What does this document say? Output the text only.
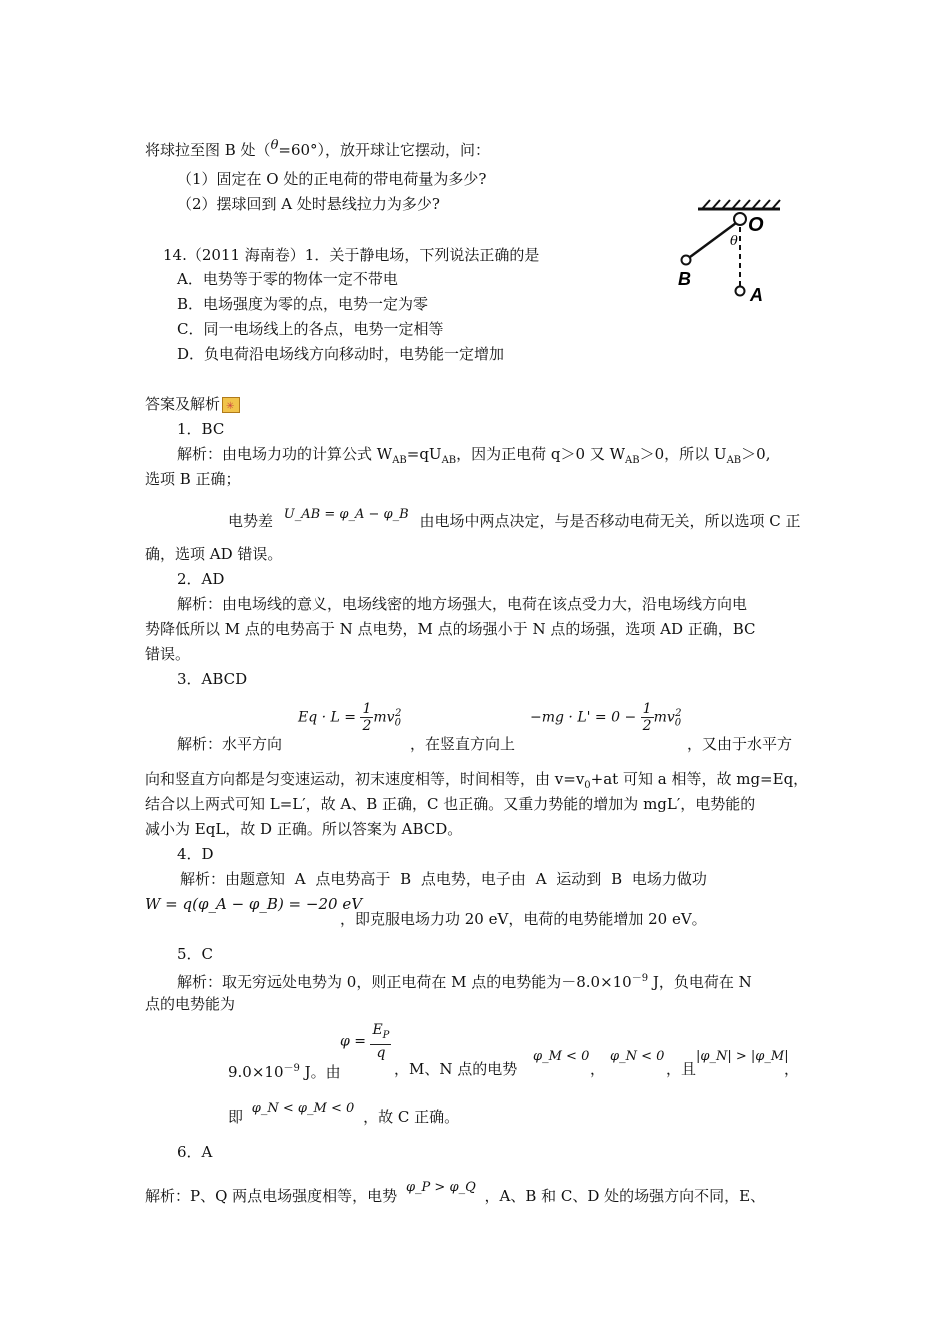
将球拉至图 B 处（θ=60°），放开球让它摆动，问：
（1）固定在 O 处的正电荷的带电荷量为多少?
（2）摆球回到 A 处时悬线拉力为多少?
O
θ
B
A
14.（2011 海南卷）1．关于静电场，下列说法正确的是
A．电势等于零的物体一定不带电
B．电场强度为零的点，电势一定为零
C．同一电场线上的各点，电势一定相等
D．负电荷沿电场线方向移动时，电势能一定增加
答案及解析✳
1．BC
解析：由电场力功的计算公式 $W_{AB}=qU_{AB}$，因为正电荷 q＞0 又 $W_{AB}>0$，所以 $U_{AB}>0$,
选项 B 正确；
电势差 U_AB = φ_A − φ_B 由电场中两点决定，与是否移动电荷无关，所以选项 C 正
确，选项 AD 错误。
2．AD
解析：由电场线的意义，电场线密的地方场强大，电荷在该点受力大，沿电场线方向电
势降低所以 M 点的电势高于 N 点电势，M 点的场强小于 N 点的场强，选项 AD 正确，BC
错误。
3．ABCD
$Eq \cdot L = \frac{1}{2} mv_0^2$	$-mg \cdot L' = 0 - \frac{1}{2} mv_0^2$
解析：水平方向	，在竖直方向上	，又由于水平方
向和竖直方向都是匀变速运动，初末速度相等，时间相等，由 $v=v_0+at$ 可知 a 相等，故 mg=Eq，
结合以上两式可知 L=L′，故 A、B 正确，C 也正确。又重力势能的增加为 mgL′，电势能的
减小为 EqL，故 D 正确。所以答案为 ABCD。
4．D
解析：由题意知 A 点电势高于 B 点电势，电子由 A 运动到 B 电场力做功
W = q(φ_A − φ_B) = −20 eV
，即克服电场力功 20 eV，电荷的电势能增加 20 eV。
5．C
解析：取无穷远处电势为 0，则正电荷在 M 点的电势能为$-8.0\times 10^{-9}$ J，负电荷在 N
点的电势能为
$\varphi = \frac{E_P}{q}$
$9.0\times 10^{-9}$ J。由	，M、N 点的电势
φ_M < 0
，
φ_N < 0
，且
|φ_N| > |φ_M|
，
即 φ_N < φ_M < 0 ，故 C 正确。
6．A
解析：P、Q 两点电场强度相等，电势 φ_P > φ_Q ，A、B 和 C、D 处的场强方向不同，E、
